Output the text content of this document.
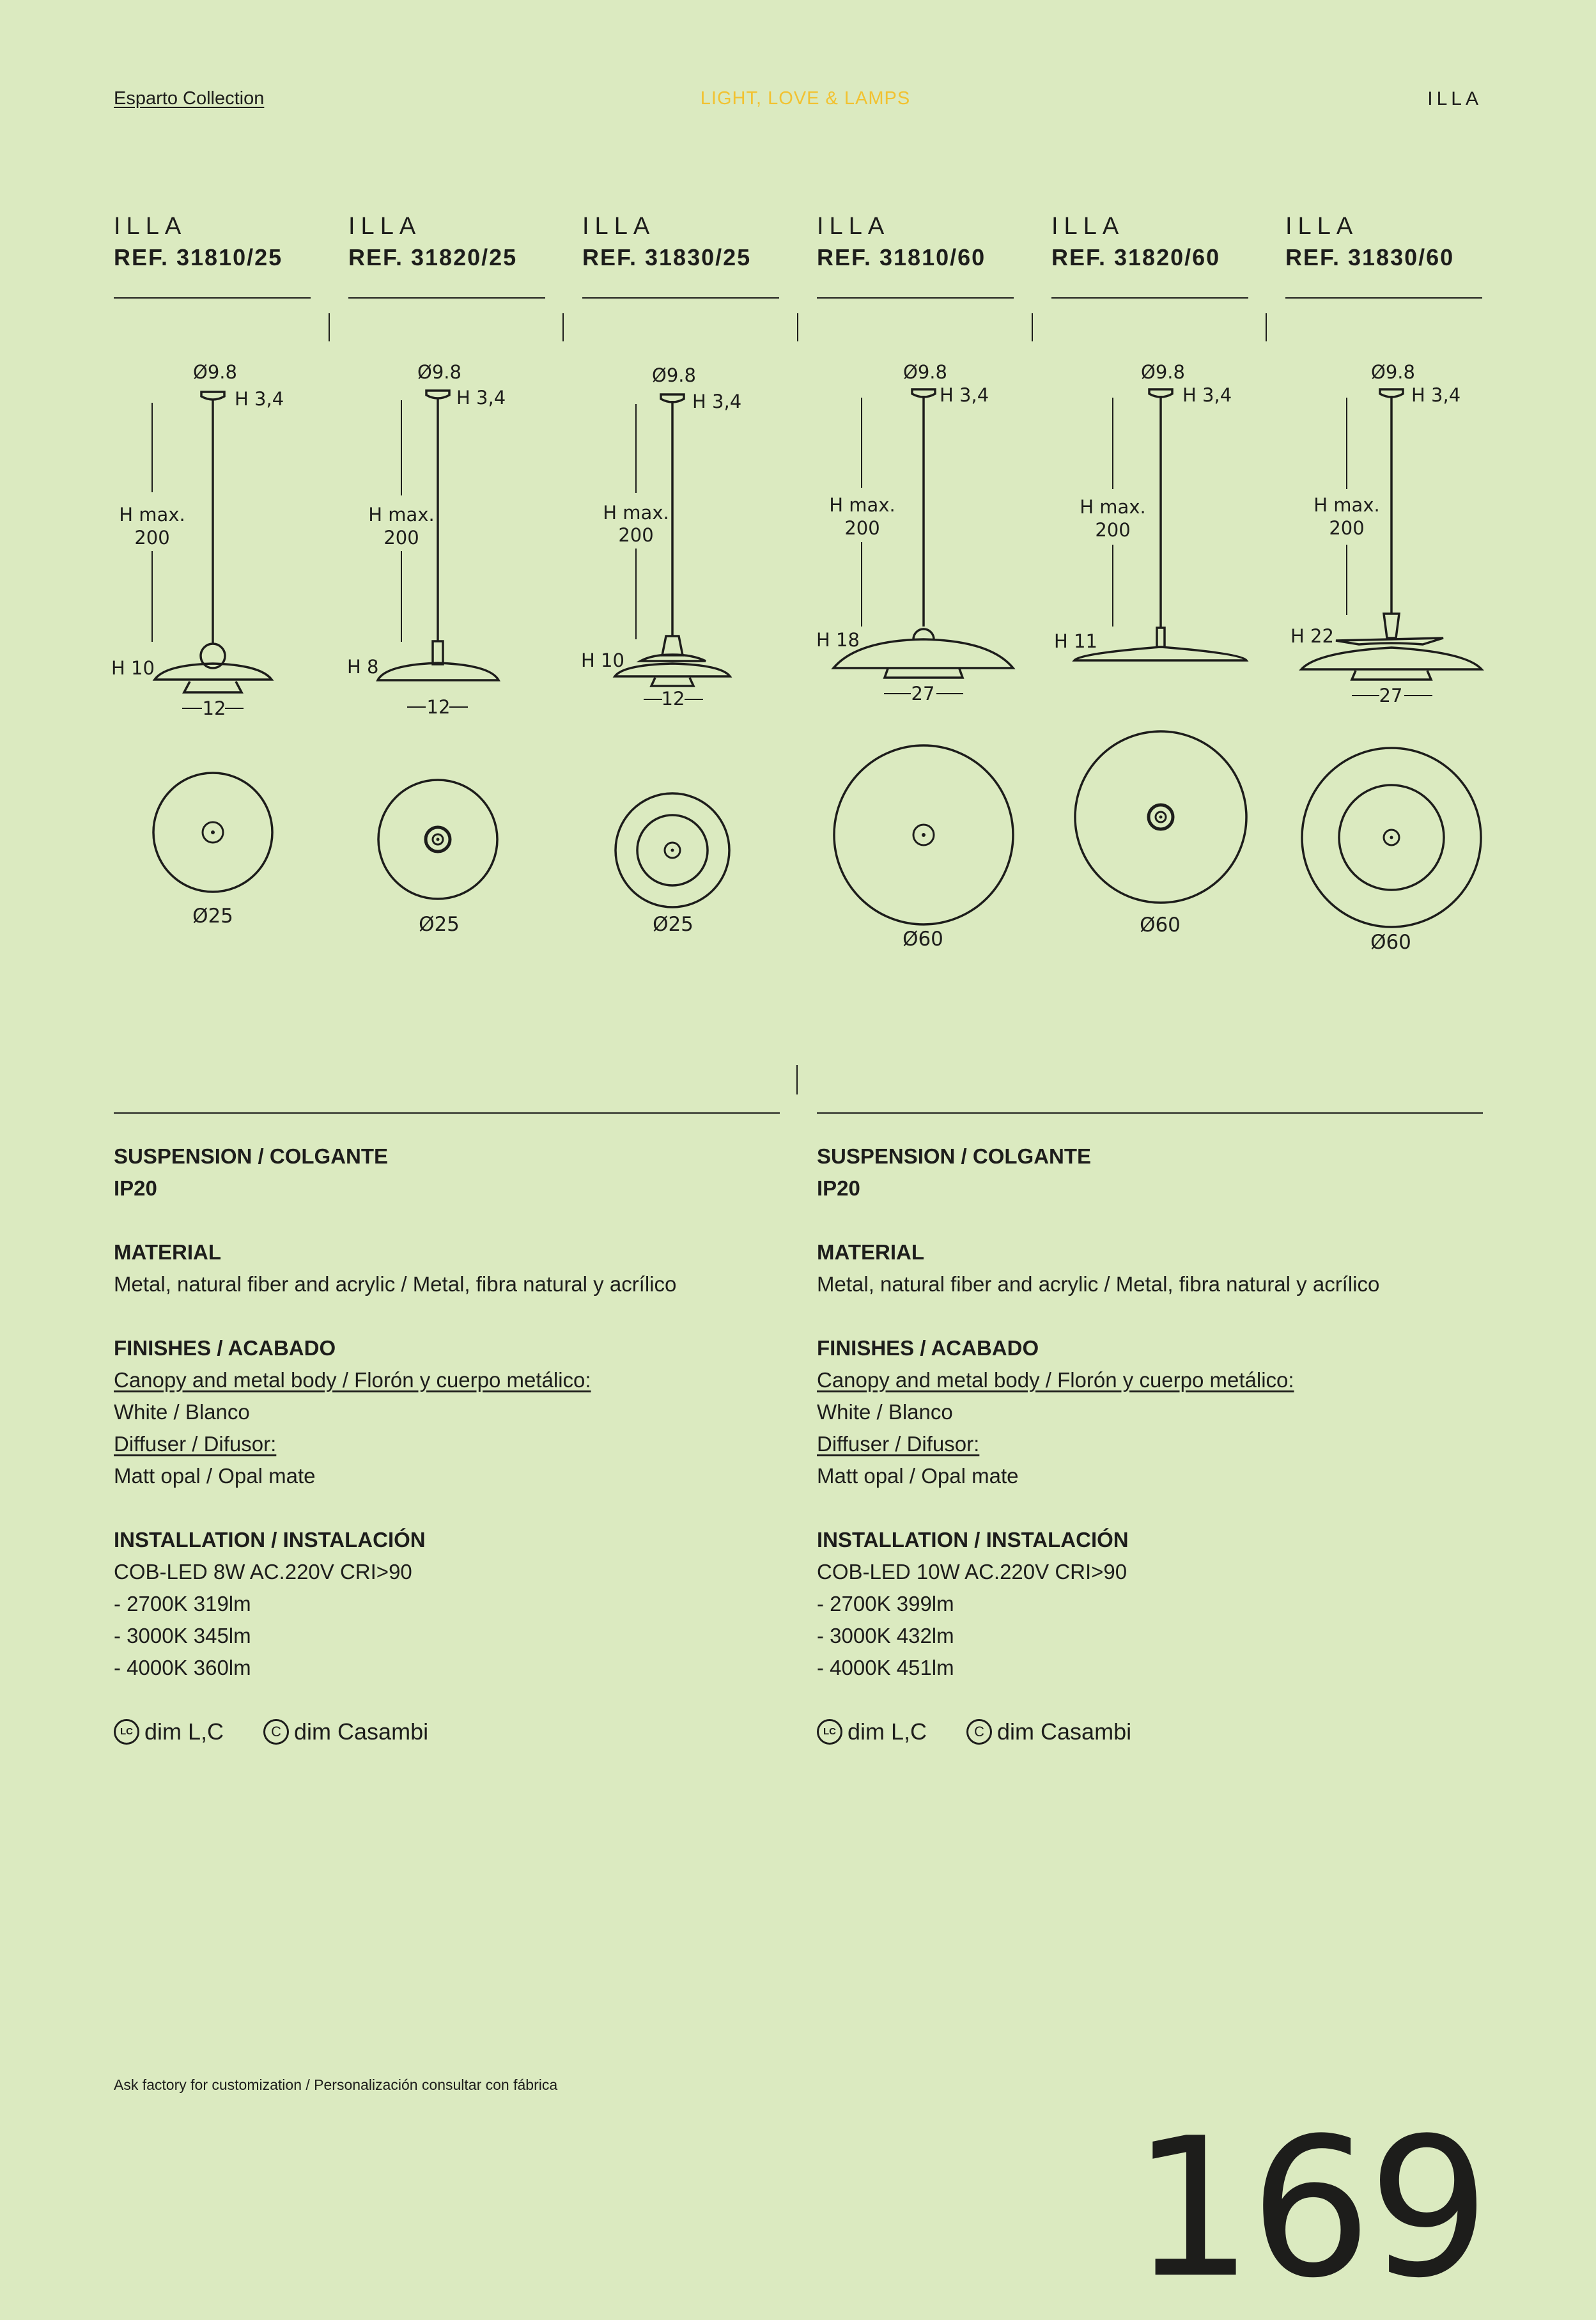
Esparto Collection	LIGHT, LOVE & LAMPS	ILLA
ILLA
REF. 31810/25
ILLA
REF. 31820/25
ILLA
REF. 31830/25
ILLA
REF. 31810/60
ILLA
REF. 31820/60
ILLA
REF. 31830/60
Ø9.8
H 3,4
H max.
200
H 10
12
Ø25
Ø9.8
H 3,4
H max.
200
H 8
12
Ø25
Ø9.8
H 3,4
H max.
200
H 10
12
Ø25
Ø9.8
H 3,4
H max.
200
H 18
27
Ø60
Ø9.8
H 3,4
H max.
200
H 11
Ø60
Ø9.8
H 3,4
H max.
200
H 22
27
Ø60
SUSPENSION / COLGANTE
IP20
MATERIAL
Metal, natural fiber and acrylic / Metal, fibra natural y acrílico
FINISHES / ACABADO
Canopy and metal body / Florón y cuerpo metálico:
White / Blanco
Diffuser / Difusor:
Matt opal / Opal mate
INSTALLATION / INSTALACIÓN
COB-LED 8W AC.220V CRI>90
- 2700K 319lm
- 3000K 345lm
- 4000K 360lm
LC dim L,C	C dim Casambi
SUSPENSION / COLGANTE
IP20
MATERIAL
Metal, natural fiber and acrylic / Metal, fibra natural y acrílico
FINISHES / ACABADO
Canopy and metal body / Florón y cuerpo metálico:
White / Blanco
Diffuser / Difusor:
Matt opal / Opal mate
INSTALLATION / INSTALACIÓN
COB-LED 10W AC.220V CRI>90
- 2700K 399lm
- 3000K 432lm
- 4000K 451lm
LC dim L,C	C dim Casambi
Ask factory for customization / Personalización consultar con fábrica
169
